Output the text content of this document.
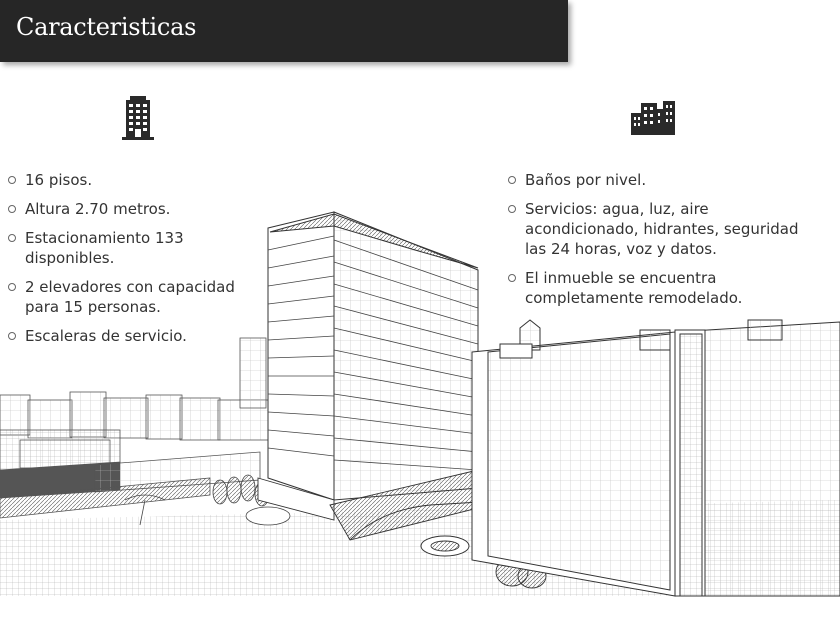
Caracteristicas
16 pisos.
Altura 2.70 metros.
Estacionamiento 133 disponibles.
2 elevadores con capacidad para 15 personas.
Escaleras de servicio.
Baños por nivel.
Servicios: agua, luz, aire acondicionado, hidrantes, seguridad las 24 horas, voz y datos.
El inmueble se encuentra completamente remodelado.
